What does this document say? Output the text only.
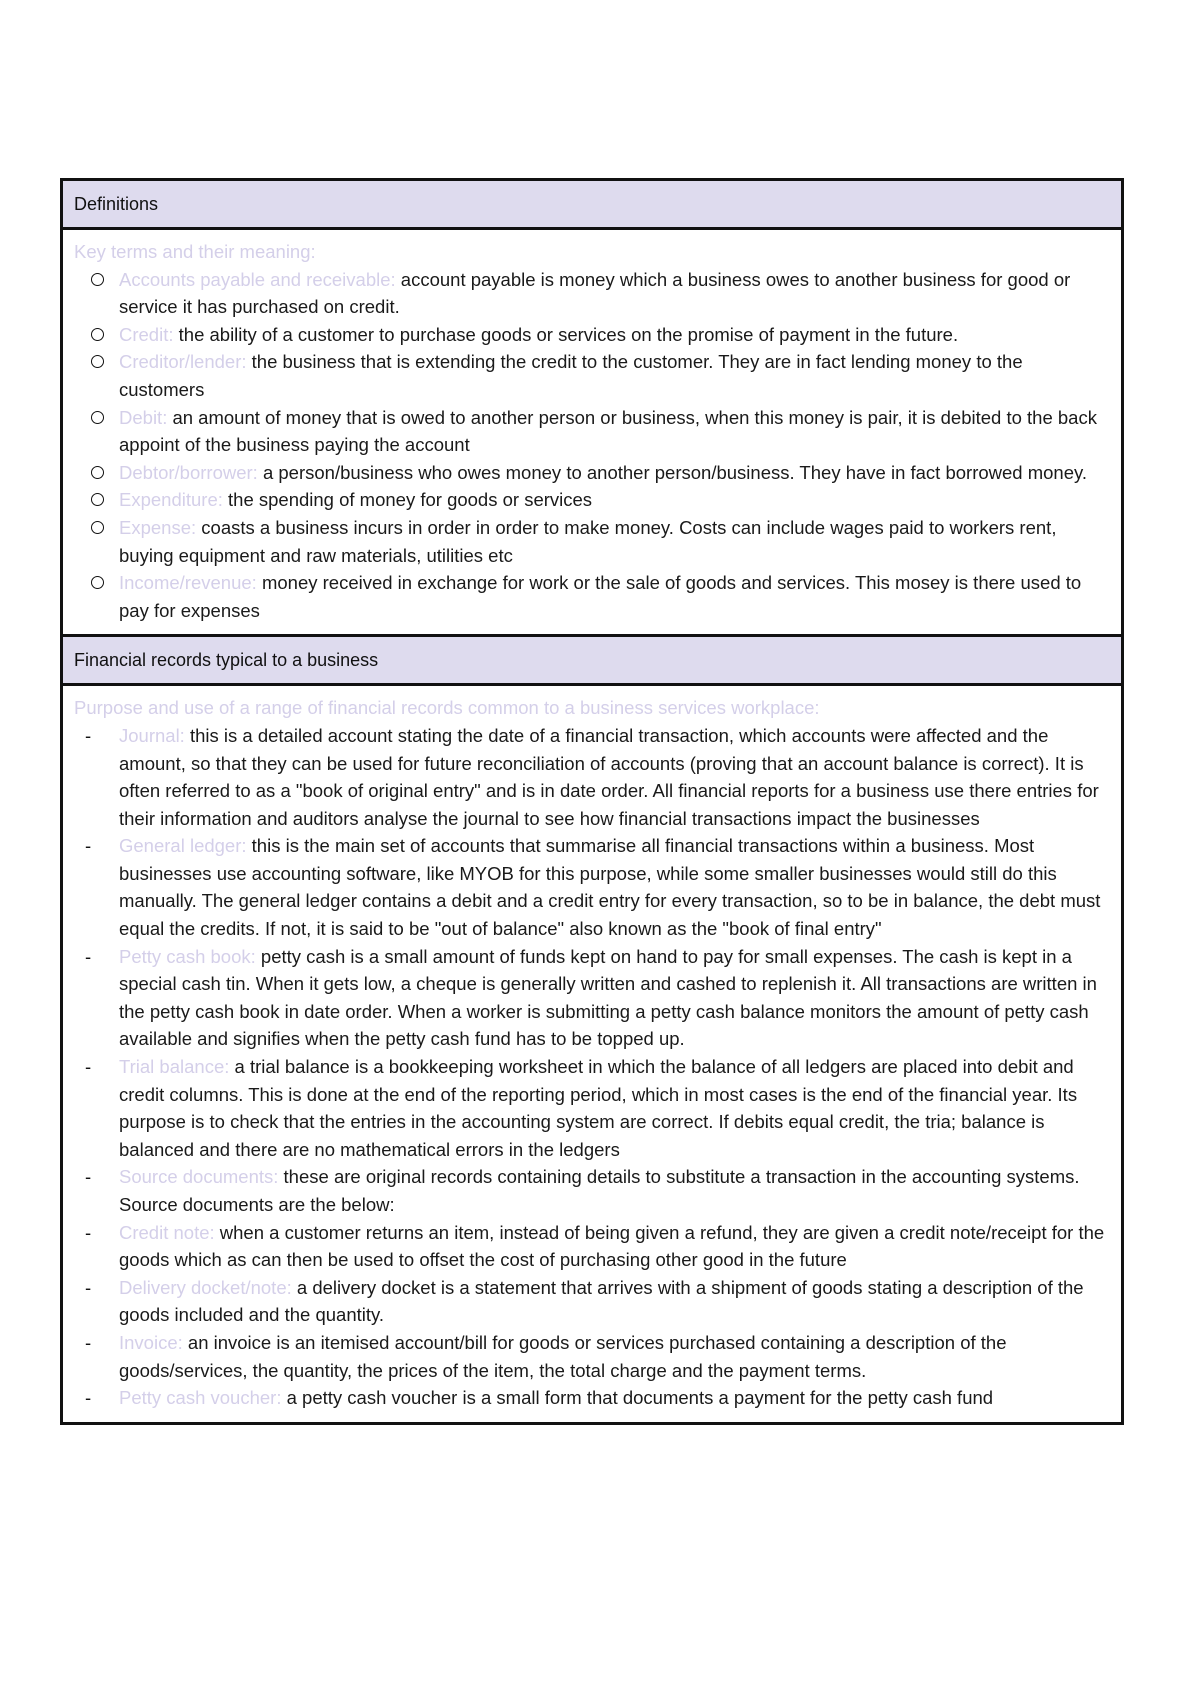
Definitions
Key terms and their meaning:
Accounts payable and receivable: account payable is money which a business owes to another business for good or service it has purchased on credit.
Credit: the ability of a customer to purchase goods or services on the promise of payment in the future.
Creditor/lender: the business that is extending the credit to the customer. They are in fact lending money to the customers
Debit: an amount of money that is owed to another person or business, when this money is pair, it is debited to the back appoint of the business paying the account
Debtor/borrower: a person/business who owes money to another person/business. They have in fact borrowed money.
Expenditure: the spending of money for goods or services
Expense: coasts a business incurs in order in order to make money. Costs can include wages paid to workers rent, buying equipment and raw materials, utilities etc
Income/revenue: money received in exchange for work or the sale of goods and services. This mosey is there used to pay for expenses
Financial records typical to a business
Purpose and use of a range of financial records common to a business services workplace:
- Journal: this is a detailed account stating the date of a financial transaction, which accounts were affected and the amount, so that they can be used for future reconciliation of accounts (proving that an account balance is correct). It is often referred to as a "book of original entry" and is in date order. All financial reports for a business use there entries for their information and auditors analyse the journal to see how financial transactions impact the businesses
- General ledger: this is the main set of accounts that summarise all financial transactions within a business. Most businesses use accounting software, like MYOB for this purpose, while some smaller businesses would still do this manually. The general ledger contains a debit and a credit entry for every transaction, so to be in balance, the debt must equal the credits. If not, it is said to be "out of balance" also known as the "book of final entry"
- Petty cash book: petty cash is a small amount of funds kept on hand to pay for small expenses. The cash is kept in a special cash tin. When it gets low, a cheque is generally written and cashed to replenish it. All transactions are written in the petty cash book in date order. When a worker is submitting a petty cash balance monitors the amount of petty cash available and signifies when the petty cash fund has to be topped up.
- Trial balance: a trial balance is a bookkeeping worksheet in which the balance of all ledgers are placed into debit and credit columns. This is done at the end of the reporting period, which in most cases is the end of the financial year. Its purpose is to check that the entries in the accounting system are correct. If debits equal credit, the tria; balance is balanced and there are no mathematical errors in the ledgers
- Source documents: these are original records containing details to substitute a transaction in the accounting systems. Source documents are the below:
- Credit note: when a customer returns an item, instead of being given a refund, they are given a credit note/receipt for the goods which as can then be used to offset the cost of purchasing other good in the future
- Delivery docket/note: a delivery docket is a statement that arrives with a shipment of goods stating a description of the goods included and the quantity.
- Invoice: an invoice is an itemised account/bill for goods or services purchased containing a description of the goods/services, the quantity, the prices of the item, the total charge and the payment terms.
- Petty cash voucher: a petty cash voucher is a small form that documents a payment for the petty cash fund
